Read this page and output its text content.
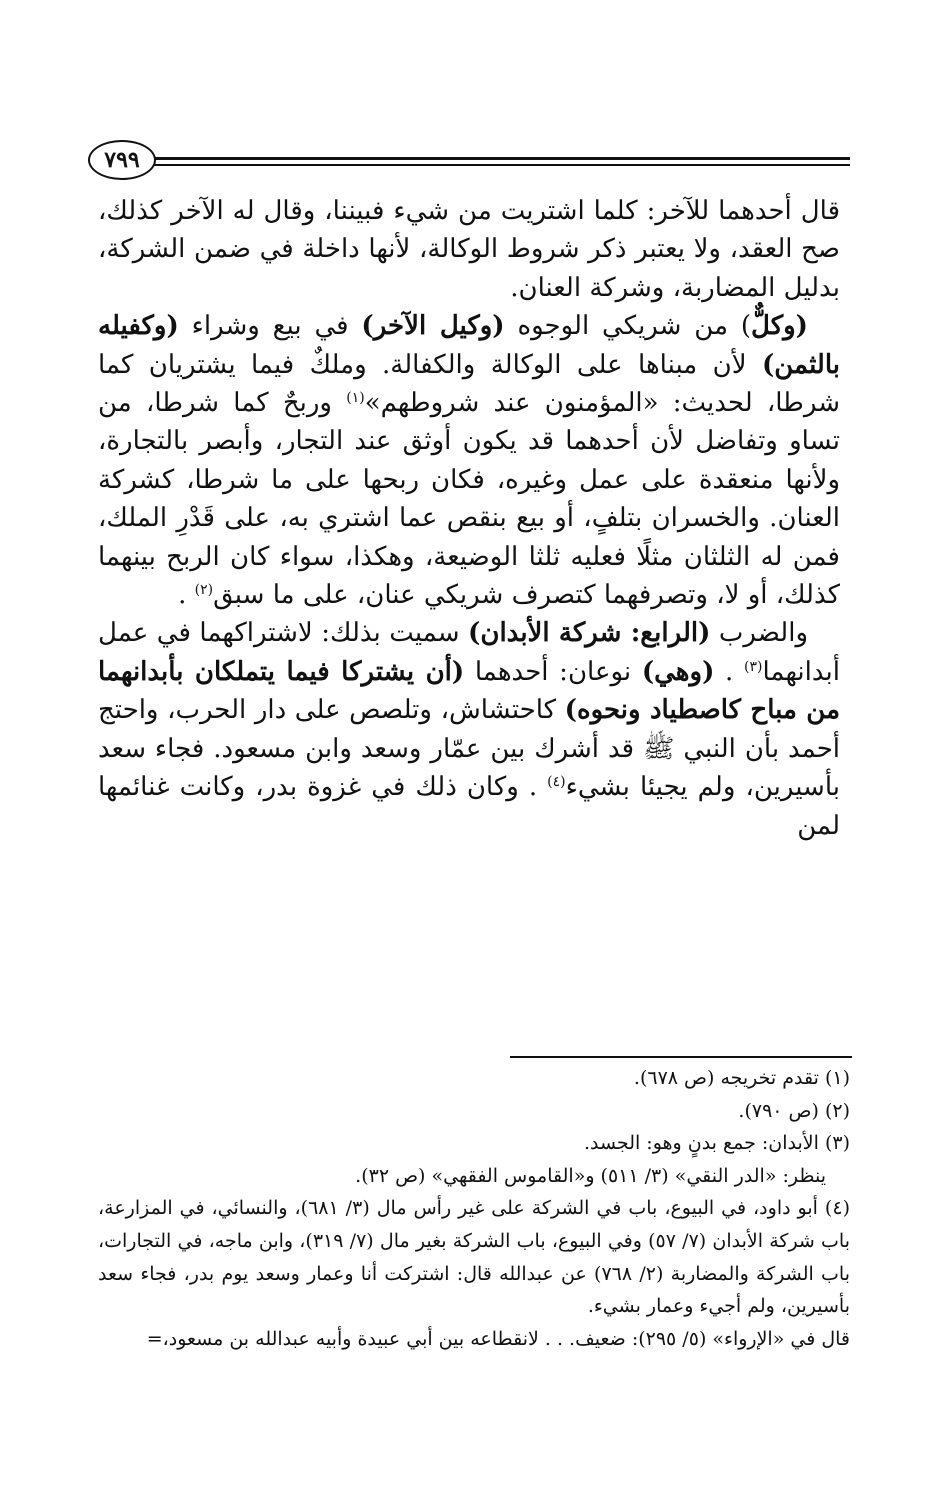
٧٩٩

قال أحدهما للآخر: كلما اشتريت من شيء فبيننا، وقال له الآخر كذلك، صح العقد، ولا يعتبر ذكر شروط الوكالة، لأنها داخلة في ضمن الشركة، بدليل المضاربة، وشركة العنان.

(وكلٌّ) من شريكي الوجوه (وكيل الآخر) في بيع وشراء (وكفيله بالثمن) لأن مبناها على الوكالة والكفالة. وملكٌ فيما يشتريان كما شرطا، لحديث: «المؤمنون عند شروطهم»$^{(١)}$ وربحٌ كما شرطا، من تساو وتفاضل لأن أحدهما قد يكون أوثق عند التجار، وأبصر بالتجارة، ولأنها منعقدة على عمل وغيره، فكان ربحها على ما شرطا، كشركة العنان. والخسران بتلفٍ، أو بيع بنقص عما اشتري به، على قَدْرِ الملك، فمن له الثلثان مثلًا فعليه ثلثا الوضيعة، وهكذا، سواء كان الربح بينهما كذلك، أو لا، وتصرفهما كتصرف شريكي عنان، على ما سبق$^{(٢)}$ .

والضرب (الرابع: شركة الأبدان) سميت بذلك: لاشتراكهما في عمل أبدانهما$^{(٣)}$ . (وهي) نوعان: أحدهما (أن يشتركا فيما يتملكان بأبدانهما من مباح كاصطياد ونحوه) كاحتشاش، وتلصص على دار الحرب، واحتج أحمد بأن النبي ﷺ قد أشرك بين عمّار وسعد وابن مسعود. فجاء سعد بأسيرين، ولم يجيئا بشيء$^{(٤)}$ . وكان ذلك في غزوة بدر، وكانت غنائمها لمن

(١) تقدم تخريجه (ص ٦٧٨).

(٢) (ص ٧٩٠).

(٣) الأبدان: جمع بدنٍ وهو: الجسد.

ينظر: «الدر النقي» (٣/ ٥١١) و«القاموس الفقهي» (ص ٣٢).

(٤) أبو داود، في البيوع، باب في الشركة على غير رأس مال (٣/ ٦٨١)، والنسائي، في المزارعة، باب شركة الأبدان (٧/ ٥٧) وفي البيوع، باب الشركة بغير مال (٧/ ٣١٩)، وابن ماجه، في التجارات، باب الشركة والمضاربة (٢/ ٧٦٨) عن عبدالله قال: اشتركت أنا وعمار وسعد يوم بدر، فجاء سعد بأسيرين، ولم أجيء وعمار بشيء.

قال في «الإرواء» (٥/ ٢٩٥): ضعيف. . . لانقطاعه بين أبي عبيدة وأبيه عبدالله بن مسعود،=
